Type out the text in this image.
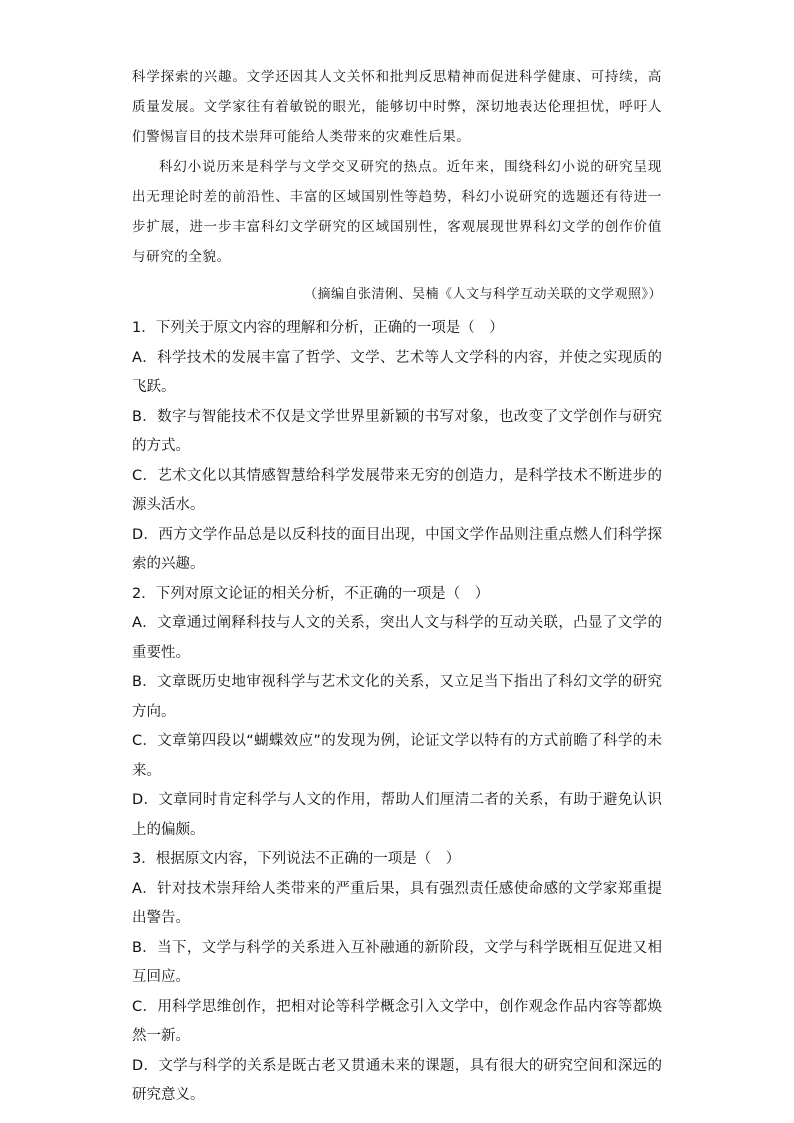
科学探索的兴趣。文学还因其人文关怀和批判反思精神而促进科学健康、可持续，高质量发展。文学家往有着敏锐的眼光，能够切中时弊，深切地表达伦理担忧，呼吁人们警惕盲目的技术崇拜可能给人类带来的灾难性后果。

科幻小说历来是科学与文学交叉研究的热点。近年来，围绕科幻小说的研究呈现出无理论时差的前沿性、丰富的区域国别性等趋势，科幻小说研究的选题还有待进一步扩展，进一步丰富科幻文学研究的区域国别性，客观展现世界科幻文学的创作价值与研究的全貌。

（摘编自张清俐、吴楠《人文与科学互动关联的文学观照》）

1．下列关于原文内容的理解和分析，正确的一项是（　）

A．科学技术的发展丰富了哲学、文学、艺术等人文学科的内容，并使之实现质的飞跃。

B．数字与智能技术不仅是文学世界里新颖的书写对象，也改变了文学创作与研究的方式。

C．艺术文化以其情感智慧给科学发展带来无穷的创造力，是科学技术不断进步的源头活水。

D．西方文学作品总是以反科技的面目出现，中国文学作品则注重点燃人们科学探索的兴趣。

2．下列对原文论证的相关分析，不正确的一项是（　）

A．文章通过阐释科技与人文的关系，突出人文与科学的互动关联，凸显了文学的重要性。

B．文章既历史地审视科学与艺术文化的关系，又立足当下指出了科幻文学的研究方向。

C．文章第四段以“蝴蝶效应”的发现为例，论证文学以特有的方式前瞻了科学的未来。

D．文章同时肯定科学与人文的作用，帮助人们厘清二者的关系，有助于避免认识上的偏颇。

3．根据原文内容，下列说法不正确的一项是（　）

A．针对技术崇拜给人类带来的严重后果，具有强烈责任感使命感的文学家郑重提出警告。

B．当下，文学与科学的关系进入互补融通的新阶段，文学与科学既相互促进又相互回应。

C．用科学思维创作，把相对论等科学概念引入文学中，创作观念作品内容等都焕然一新。

D．文学与科学的关系是既古老又贯通未来的课题，具有很大的研究空间和深远的研究意义。
